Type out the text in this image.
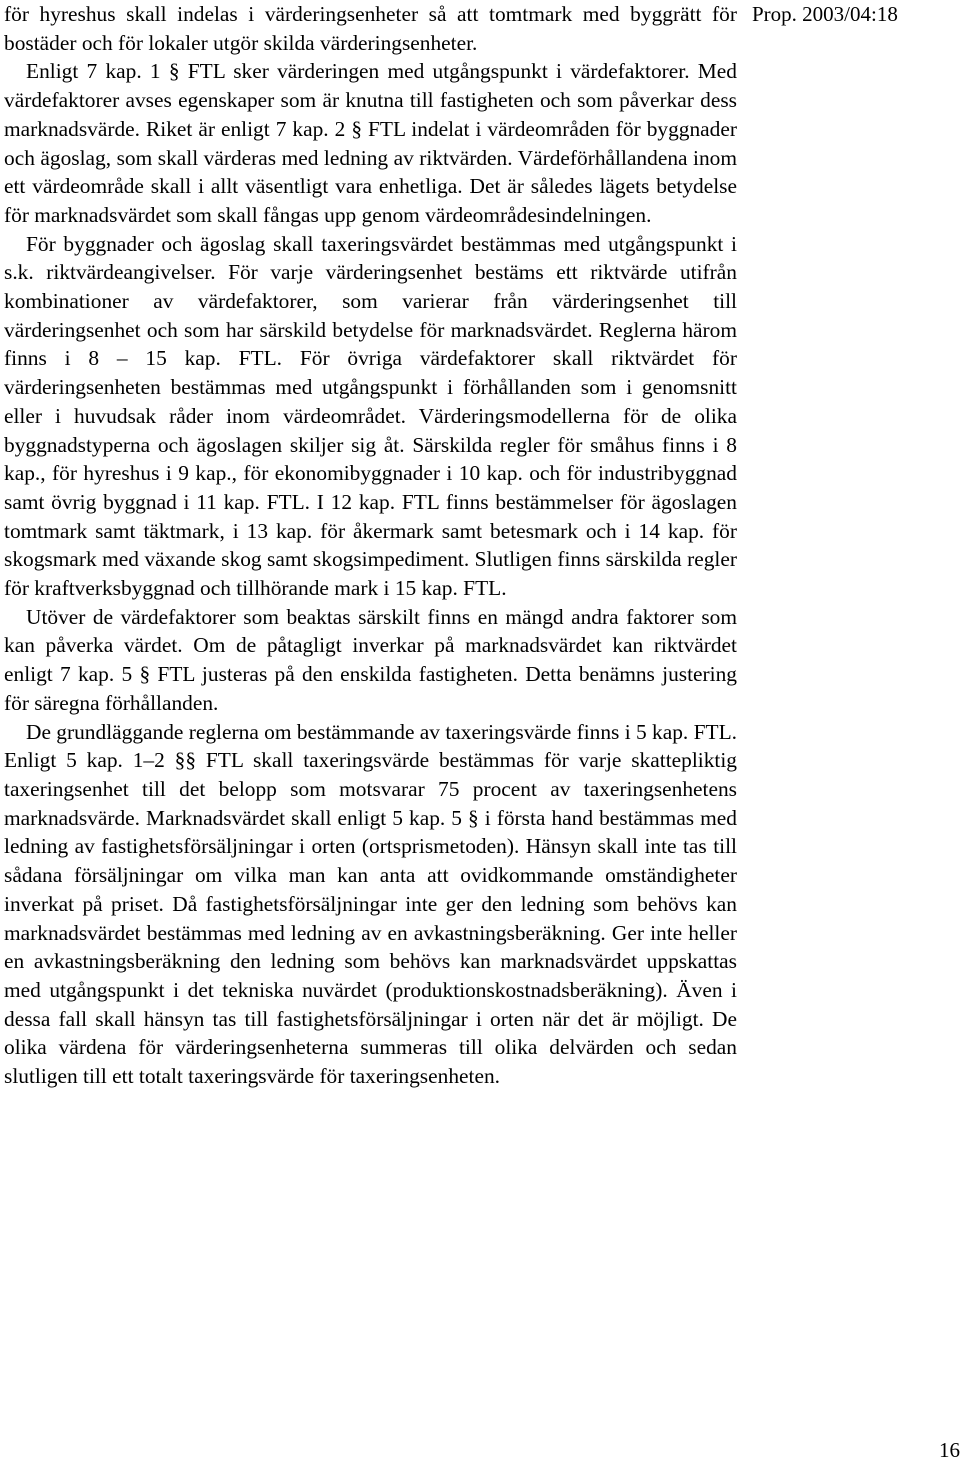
Prop. 2003/04:18

för hyreshus skall indelas i värderingsenheter så att tomtmark med byggrätt för bostäder och för lokaler utgör skilda värderingsenheter.

Enligt 7 kap. 1 § FTL sker värderingen med utgångspunkt i värdefaktorer. Med värdefaktorer avses egenskaper som är knutna till fastigheten och som påverkar dess marknadsvärde. Riket är enligt 7 kap. 2 § FTL indelat i värdeområden för byggnader och ägoslag, som skall värderas med ledning av riktvärden. Värdeförhållandena inom ett värdeområde skall i allt väsentligt vara enhetliga. Det är således lägets betydelse för marknadsvärdet som skall fångas upp genom värdeområdesindelningen.

För byggnader och ägoslag skall taxeringsvärdet bestämmas med utgångspunkt i s.k. riktvärdeangivelser. För varje värderingsenhet bestäms ett riktvärde utifrån kombinationer av värdefaktorer, som varierar från värderingsenhet till värderingsenhet och som har särskild betydelse för marknadsvärdet. Reglerna härom finns i 8 – 15 kap. FTL. För övriga värdefaktorer skall riktvärdet för värderingsenheten bestämmas med utgångspunkt i förhållanden som i genomsnitt eller i huvudsak råder inom värdeområdet. Värderingsmodellerna för de olika byggnadstyperna och ägoslagen skiljer sig åt. Särskilda regler för småhus finns i 8 kap., för hyreshus i 9 kap., för ekonomibyggnader i 10 kap. och för industribyggnad samt övrig byggnad i 11 kap. FTL. I 12 kap. FTL finns bestämmelser för ägoslagen tomtmark samt täktmark, i 13 kap. för åkermark samt betesmark och i 14 kap. för skogsmark med växande skog samt skogsimpediment. Slutligen finns särskilda regler för kraftverksbyggnad och tillhörande mark i 15 kap. FTL.

Utöver de värdefaktorer som beaktas särskilt finns en mängd andra faktorer som kan påverka värdet. Om de påtagligt inverkar på marknadsvärdet kan riktvärdet enligt 7 kap. 5 § FTL justeras på den enskilda fastigheten. Detta benämns justering för säregna förhållanden.

De grundläggande reglerna om bestämmande av taxeringsvärde finns i 5 kap. FTL. Enligt 5 kap. 1–2 §§ FTL skall taxeringsvärde bestämmas för varje skattepliktig taxeringsenhet till det belopp som motsvarar 75 procent av taxeringsenhetens marknadsvärde. Marknadsvärdet skall enligt 5 kap. 5 § i första hand bestämmas med ledning av fastighetsförsäljningar i orten (ortsprismetoden). Hänsyn skall inte tas till sådana försäljningar om vilka man kan anta att ovidkommande omständigheter inverkat på priset. Då fastighetsförsäljningar inte ger den ledning som behövs kan marknadsvärdet bestämmas med ledning av en avkastningsberäkning. Ger inte heller en avkastningsberäkning den ledning som behövs kan marknadsvärdet uppskattas med utgångspunkt i det tekniska nuvärdet (produktionskostnadsberäkning). Även i dessa fall skall hänsyn tas till fastighetsförsäljningar i orten när det är möjligt. De olika värdena för värderingsenheterna summeras till olika delvärden och sedan slutligen till ett totalt taxeringsvärde för taxeringsenheten.

16
